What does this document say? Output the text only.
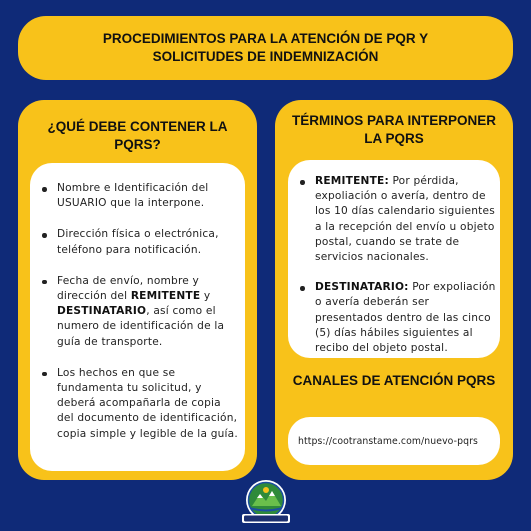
PROCEDIMIENTOS PARA LA ATENCIÓN DE PQR Y SOLICITUDES DE INDEMNIZACIÓN
¿QUÉ DEBE CONTENER LA PQRS?
Nombre e Identificación del USUARIO que la interpone.
Dirección física o electrónica, teléfono para notificación.
Fecha de envío, nombre y dirección del REMITENTE y DESTINATARIO, así como el numero de identificación de la guía de transporte.
Los hechos en que se fundamenta tu solicitud, y deberá acompañarla de copia del documento de identificación, copia simple y legible de la guía.
TÉRMINOS PARA INTERPONER LA PQRS
REMITENTE: Por pérdida, expoliación o avería, dentro de los 10 días calendario siguientes a la recepción del envío u objeto postal, cuando se trate de servicios nacionales.
DESTINATARIO: Por expoliación o avería deberán ser presentados dentro de las cinco (5) días hábiles siguientes al recibo del objeto postal.
CANALES DE ATENCIÓN PQRS
https://cootranstame.com/nuevo-pqrs
